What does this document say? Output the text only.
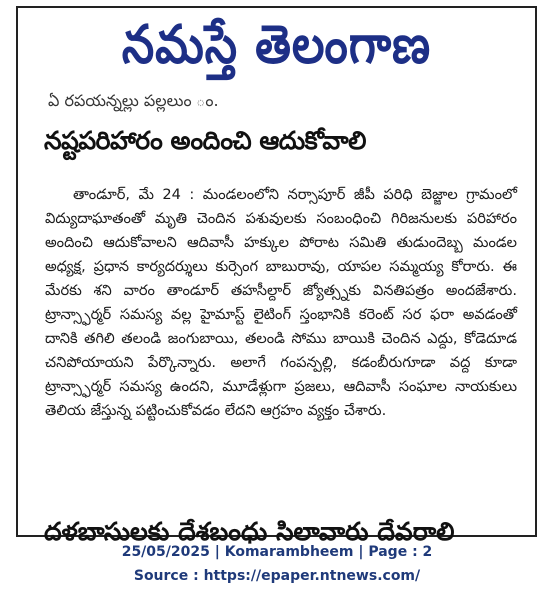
నమస్తే తెలంగాణ
ఏ రపయన్నల్లు పల్లలుం ం.
నష్టపరిహారం అందించి ఆదుకోవాలి

తాండూర్, మే 24 : మండలంలోని నర్సాపూర్ జీపీ పరిధి బెజ్జాల గ్రామంలో విద్యుదాఘాతంతో మృతి చెందిన పశువులకు సంబంధించి గిరిజనులకు పరిహారం అందించి ఆదుకోవాలని ఆదివాసీ హక్కుల పోరాట సమితి తుడుందెబ్బ మండల అధ్యక్ష, ప్రధాన కార్యదర్శులు కుర్సెంగ బాబురావు, యాపల సమ్మయ్య కోరారు. ఈ మేరకు శని వారం తాండూర్ తహసీల్దార్ జ్యోత్స్నకు వినతిపత్రం అందజేశారు. ట్రాన్స్ఫార్మర్ సమస్య వల్ల హైమాస్ట్ లైటింగ్ స్తంభానికి కరెంట్ సర ఫరా అవడంతో దానికి తగిలి తలండి జంగుబాయి, తలండి సోము బాయికి చెందిన ఎద్దు, కోడెదూడ చనిపోయాయని పేర్కొన్నారు. అలాగే గంపన్పల్లి, కడంబీరుగూడా వద్ద కూడా ట్రాన్స్ఫార్మర్ సమస్య ఉందని, మూడేళ్లుగా ప్రజలు, ఆదివాసీ సంఘాల నాయకులు తెలియ జేస్తున్న పట్టించుకోవడం లేదని ఆగ్రహం వ్యక్తం చేశారు.

దళబాసులకు దేశబంధు సిలావారు దేవరాలి
25/05/2025 | Komarambheem | Page : 2
Source : https://epaper.ntnews.com/
